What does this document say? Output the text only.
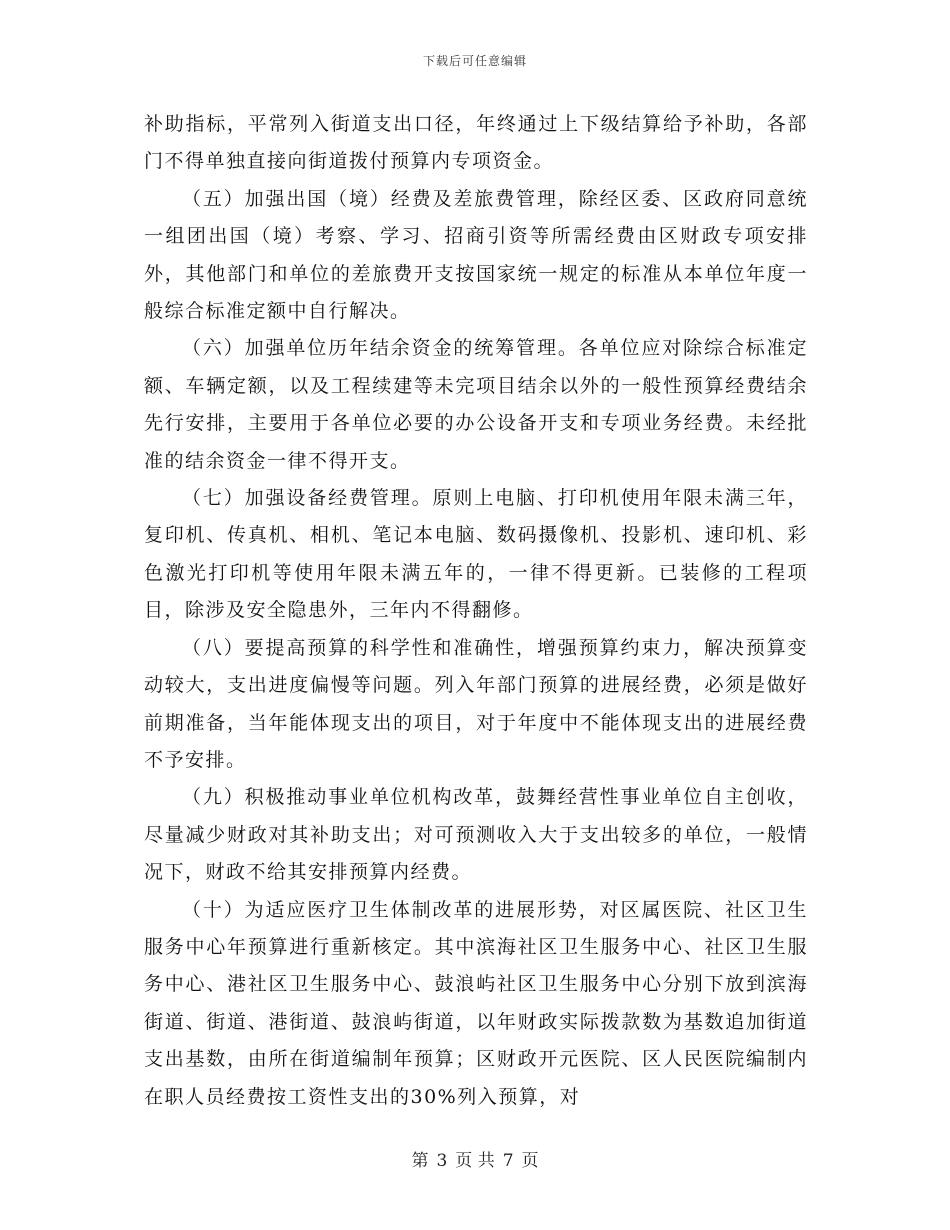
下载后可任意编辑

补助指标，平常列入街道支出口径，年终通过上下级结算给予补助，各部门不得单独直接向街道拨付预算内专项资金。

（五）加强出国（境）经费及差旅费管理，除经区委、区政府同意统一组团出国（境）考察、学习、招商引资等所需经费由区财政专项安排外，其他部门和单位的差旅费开支按国家统一规定的标准从本单位年度一般综合标准定额中自行解决。

（六）加强单位历年结余资金的统筹管理。各单位应对除综合标准定额、车辆定额，以及工程续建等未完项目结余以外的一般性预算经费结余先行安排，主要用于各单位必要的办公设备开支和专项业务经费。未经批准的结余资金一律不得开支。

（七）加强设备经费管理。原则上电脑、打印机使用年限未满三年，复印机、传真机、相机、笔记本电脑、数码摄像机、投影机、速印机、彩色激光打印机等使用年限未满五年的，一律不得更新。已装修的工程项目，除涉及安全隐患外，三年内不得翻修。

（八）要提高预算的科学性和准确性，增强预算约束力，解决预算变动较大，支出进度偏慢等问题。列入年部门预算的进展经费，必须是做好前期准备，当年能体现支出的项目，对于年度中不能体现支出的进展经费不予安排。

（九）积极推动事业单位机构改革，鼓舞经营性事业单位自主创收，尽量减少财政对其补助支出；对可预测收入大于支出较多的单位，一般情况下，财政不给其安排预算内经费。

（十）为适应医疗卫生体制改革的进展形势，对区属医院、社区卫生服务中心年预算进行重新核定。其中滨海社区卫生服务中心、社区卫生服务中心、港社区卫生服务中心、鼓浪屿社区卫生服务中心分别下放到滨海街道、街道、港街道、鼓浪屿街道，以年财政实际拨款数为基数追加街道支出基数，由所在街道编制年预算；区财政开元医院、区人民医院编制内在职人员经费按工资性支出的30%列入预算，对

第 3 页 共 7 页
